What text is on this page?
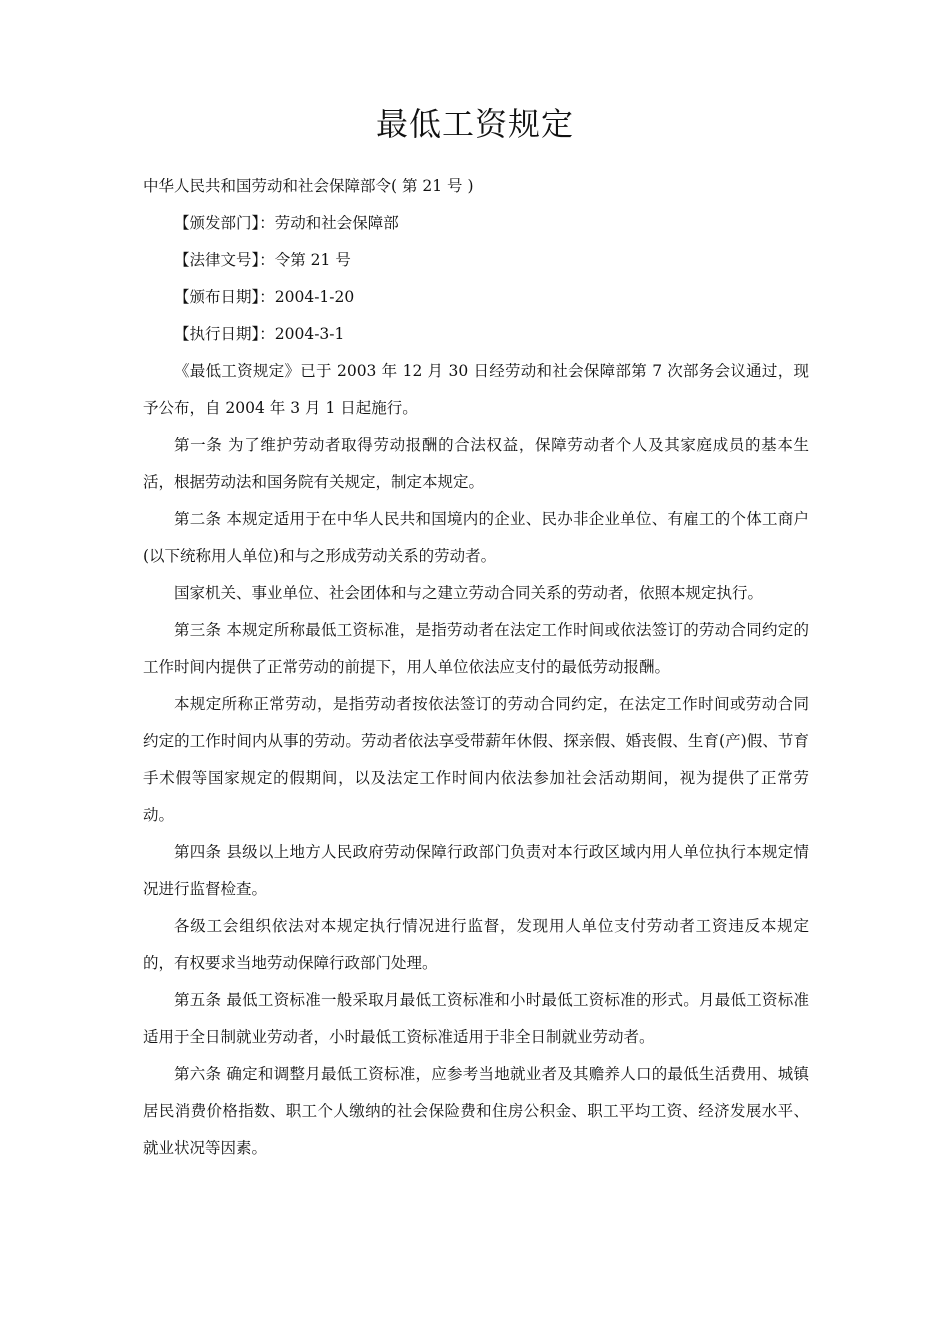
最低工资规定

中华人民共和国劳动和社会保障部令( 第 21 号 )

【颁发部门】：劳动和社会保障部

【法律文号】：令第 21 号

【颁布日期】：2004-1-20

【执行日期】：2004-3-1

《最低工资规定》已于 2003 年 12 月 30 日经劳动和社会保障部第 7 次部务会议通过，现予公布，自 2004 年 3 月 1 日起施行。

第一条 为了维护劳动者取得劳动报酬的合法权益，保障劳动者个人及其家庭成员的基本生活，根据劳动法和国务院有关规定，制定本规定。

第二条 本规定适用于在中华人民共和国境内的企业、民办非企业单位、有雇工的个体工商户(以下统称用人单位)和与之形成劳动关系的劳动者。

国家机关、事业单位、社会团体和与之建立劳动合同关系的劳动者，依照本规定执行。

第三条 本规定所称最低工资标准，是指劳动者在法定工作时间或依法签订的劳动合同约定的工作时间内提供了正常劳动的前提下，用人单位依法应支付的最低劳动报酬。

本规定所称正常劳动，是指劳动者按依法签订的劳动合同约定，在法定工作时间或劳动合同约定的工作时间内从事的劳动。劳动者依法享受带薪年休假、探亲假、婚丧假、生育(产)假、节育手术假等国家规定的假期间，以及法定工作时间内依法参加社会活动期间，视为提供了正常劳动。

第四条 县级以上地方人民政府劳动保障行政部门负责对本行政区域内用人单位执行本规定情况进行监督检查。

各级工会组织依法对本规定执行情况进行监督，发现用人单位支付劳动者工资违反本规定的，有权要求当地劳动保障行政部门处理。

第五条 最低工资标准一般采取月最低工资标准和小时最低工资标准的形式。月最低工资标准适用于全日制就业劳动者，小时最低工资标准适用于非全日制就业劳动者。

第六条 确定和调整月最低工资标准，应参考当地就业者及其赡养人口的最低生活费用、城镇居民消费价格指数、职工个人缴纳的社会保险费和住房公积金、职工平均工资、经济发展水平、就业状况等因素。
